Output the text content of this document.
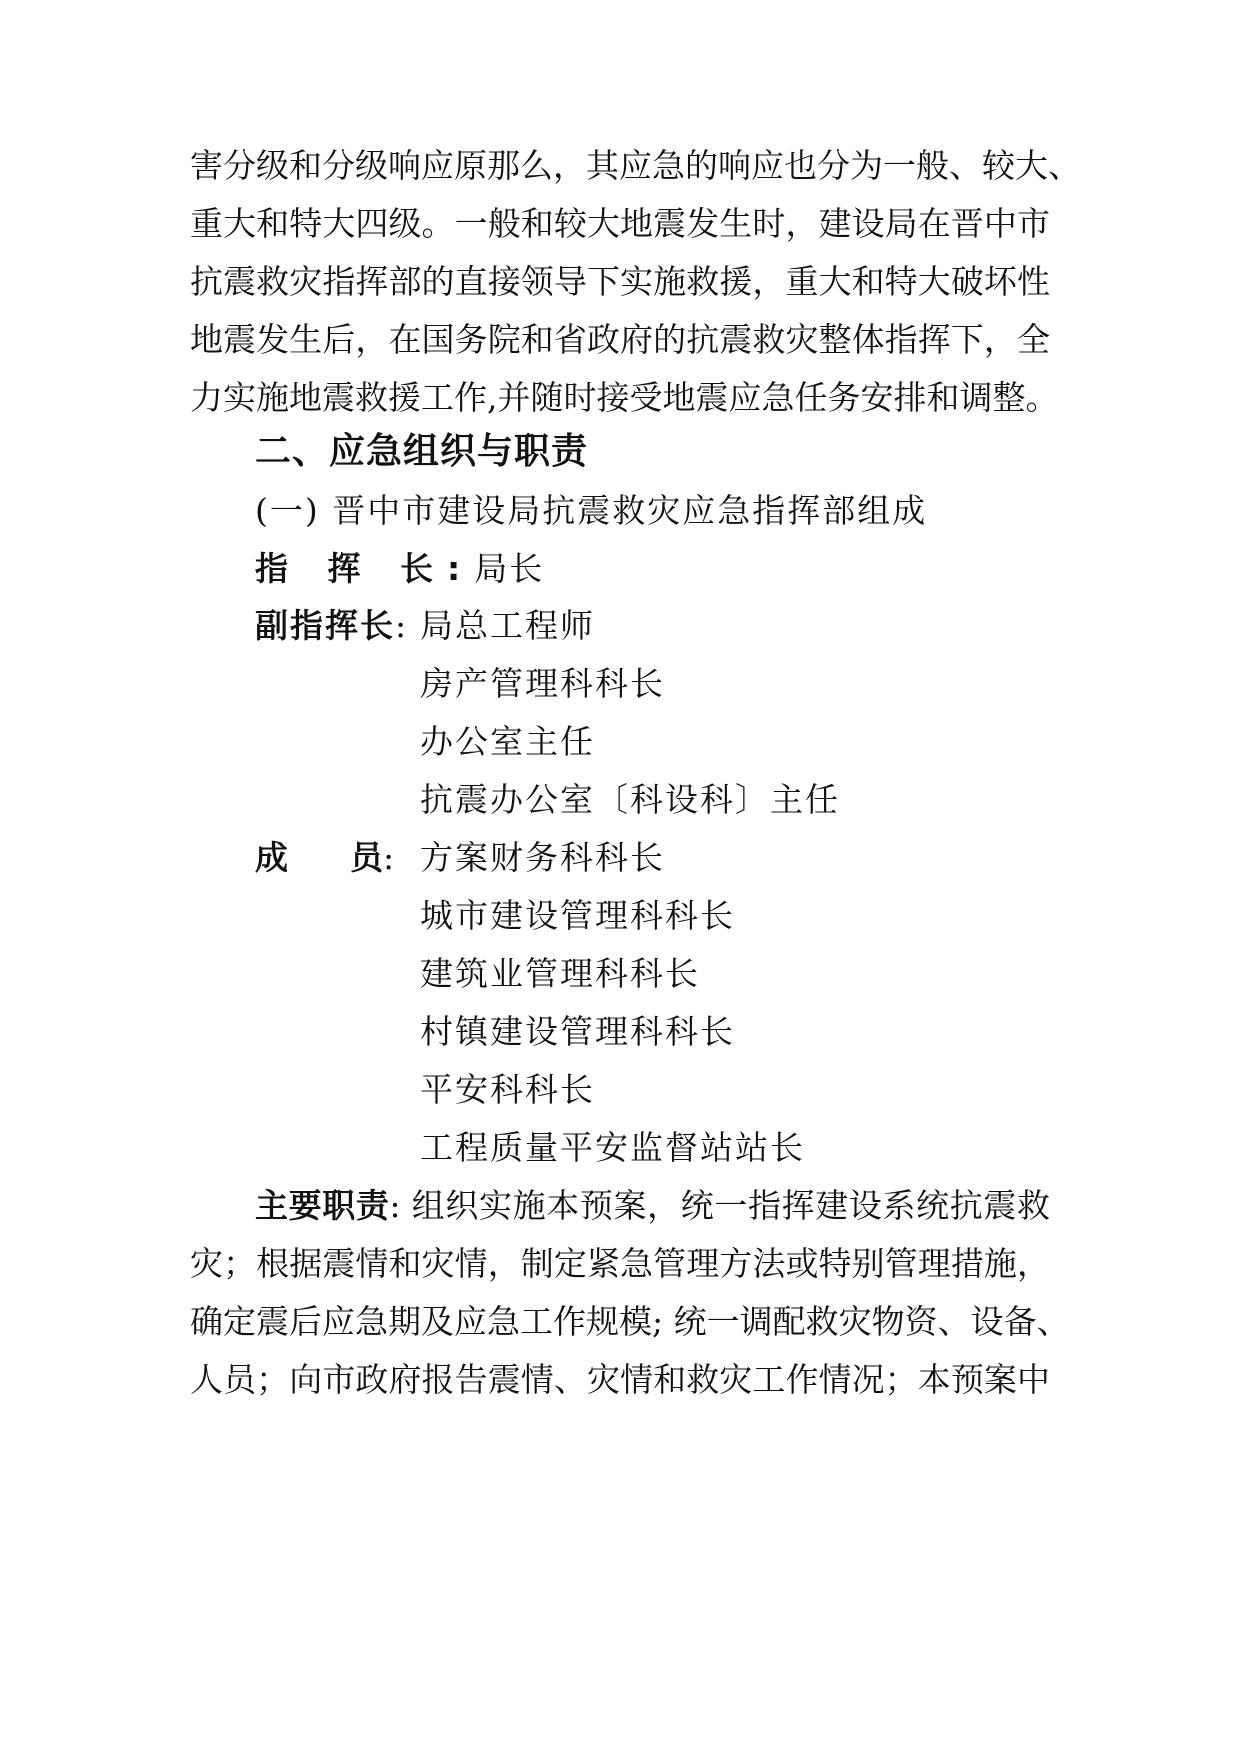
害分级和分级响应原那么，其应急的响应也分为一般、较大、
重大和特大四级。一般和较大地震发生时，建设局在晋中市
抗震救灾指挥部的直接领导下实施救援，重大和特大破坏性
地震发生后，在国务院和省政府的抗震救灾整体指挥下，全
力实施地震救援工作,并随时接受地震应急任务安排和调整。
二、应急组织与职责
(一) 晋中市建设局抗震救灾应急指挥部组成
指 挥 长:局长
副指挥长: 局总工程师
房产管理科科长
办公室主任
抗震办公室〔科设科〕主任
成 员: 方案财务科科长
城市建设管理科科长
建筑业管理科科长
村镇建设管理科科长
平安科科长
工程质量平安监督站站长
主要职责: 组织实施本预案，统一指挥建设系统抗震救
灾；根据震情和灾情，制定紧急管理方法或特别管理措施，
确定震后应急期及应急工作规模; 统一调配救灾物资、设备、
人员；向市政府报告震情、灾情和救灾工作情况；本预案中
